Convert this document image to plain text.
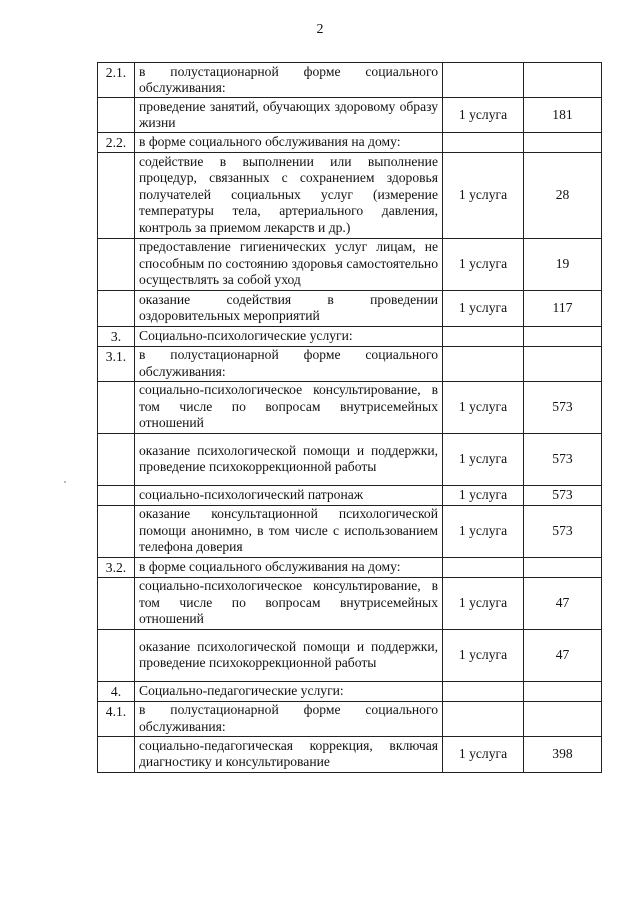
2
2.1.	в полустационарной форме социального обслуживания:		
	проведение занятий, обучающих здоровому образу жизни	1 услуга	181
2.2.	в форме социального обслуживания на дому:		
	содействие в выполнении или выполнение процедур, связанных с сохранением здоровья получателей социальных услуг (измерение температуры тела, артериального давления, контроль за приемом лекарств и др.)	1 услуга	28
	предоставление гигиенических услуг лицам, не способным по состоянию здоровья самостоятельно осуществлять за собой уход	1 услуга	19
	оказание содействия в проведении оздоровительных мероприятий	1 услуга	117
3.	Социально-психологические услуги:		
3.1.	в полустационарной форме социального обслуживания:		
	социально-психологическое консультирование, в том числе по вопросам внутрисемейных отношений	1 услуга	573
	оказание психологической помощи и поддержки, проведение психокоррекционной работы	1 услуга	573
	социально-психологический патронаж	1 услуга	573
	оказание консультационной психологической помощи анонимно, в том числе с использованием телефона доверия	1 услуга	573
3.2.	в форме социального обслуживания на дому:		
	социально-психологическое консультирование, в том числе по вопросам внутрисемейных отношений	1 услуга	47
	оказание психологической помощи и поддержки, проведение психокоррекционной работы	1 услуга	47
4.	Социально-педагогические услуги:		
4.1.	в полустационарной форме социального обслуживания:		
	социально-педагогическая коррекция, включая диагностику и консультирование	1 услуга	398
